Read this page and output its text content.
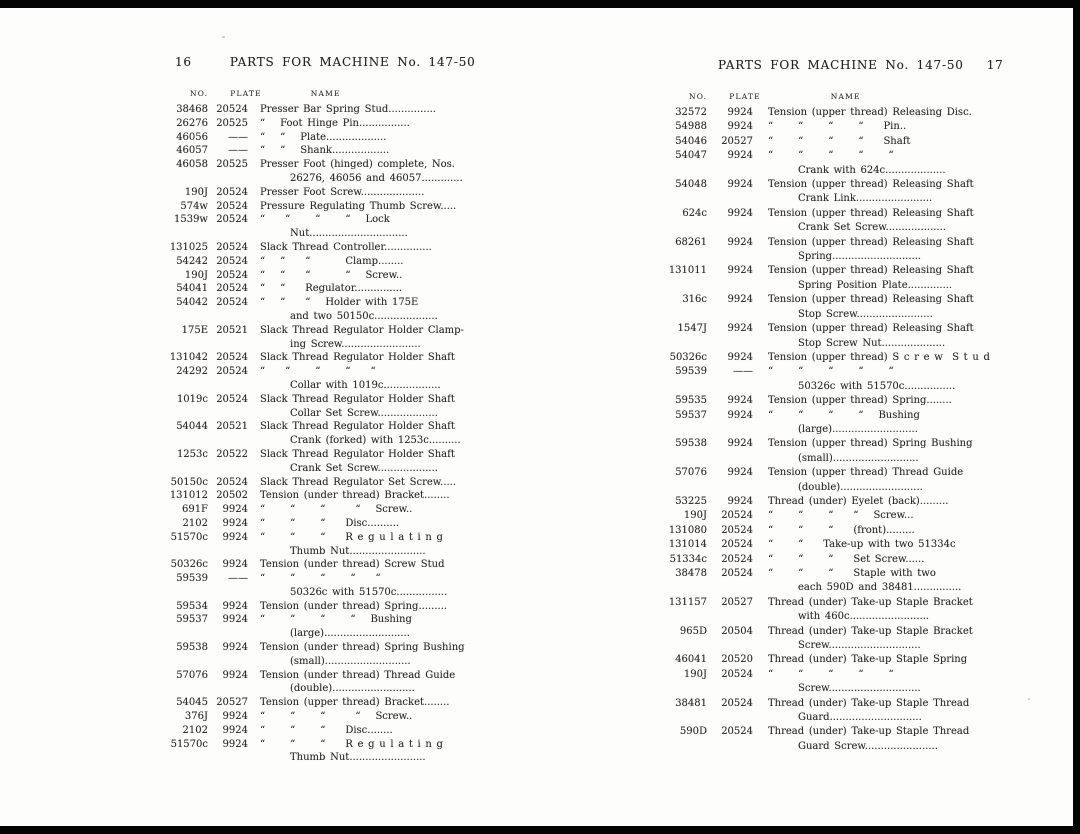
16	PARTS FOR MACHINE No. 147-50
NO.	PLATE	NAME
38468 20524 Presser Bar Spring Stud...............
26276 20525 “  Foot Hinge Pin................
46056	—— “  “  Plate...................
46057	—— “  “  Shank..................
46058 20525 Presser Foot (hinged) complete, Nos.
26276, 46056 and 46057.............
190J 20524 Presser Foot Screw....................
574w 20524 Pressure Regulating Thumb Screw.....
1539w 20524 “  “   “   “  Lock
Nut...............................
131025 20524 Slack Thread Controller...............
54242 20524 “  “  “    Clamp........
190J 20524 “  “  “    “  Screw..
54041 20524 “  “  Regulator...............
54042 20524 “  “  “  Holder with 175E
and two 50150c....................
175E 20521 Slack Thread Regulator Holder Clamp-
ing Screw.........................
131042 20524 Slack Thread Regulator Holder Shaft
24292 20524 “  “   “   “  “
Collar with 1019c..................
1019c 20524 Slack Thread Regulator Holder Shaft
Collar Set Screw...................
54044 20521 Slack Thread Regulator Holder Shaft
Crank (forked) with 1253c..........
1253c 20522 Slack Thread Regulator Holder Shaft
Crank Set Screw...................
50150c 20524 Slack Thread Regulator Set Screw.....
131012 20502 Tension (under thread) Bracket........
691F	9924 “   “   “   “  Screw..
2102	9924 “   “   “  Disc..........
51570c	9924 “   “   “  R e g u l a t i n g
Thumb Nut........................
50326c	9924 Tension (under thread) Screw Stud
59539	—— “   “   “   “  “
50326c with 51570c................
59534	9924 Tension (under thread) Spring.........
59537	9924 “   “   “   “  Bushing
(large)...........................
59538	9924 Tension (under thread) Spring Bushing
(small)...........................
57076	9924 Tension (under thread) Thread Guide
(double)..........................
54045 20527 Tension (upper thread) Bracket........
376J	9924 “   “   “   “  Screw..
2102	9924 “   “   “  Disc........
51570c	9924 “   “   “  R e g u l a t i n g
Thumb Nut........................
PARTS FOR MACHINE No. 147-50 17
NO.	PLATE	NAME
32572	9924 Tension (upper thread) Releasing Disc.
54988	9924 “   “   “   “  Pin..
54046	20527 “   “   “   “  Shaft
54047	9924 “   “   “   “   “
Crank with 624c...................
54048	9924 Tension (upper thread) Releasing Shaft
Crank Link........................
624c	9924 Tension (upper thread) Releasing Shaft
Crank Set Screw...................
68261	9924 Tension (upper thread) Releasing Shaft
Spring............................
131011	9924 Tension (upper thread) Releasing Shaft
Spring Position Plate..............
316c	9924 Tension (upper thread) Releasing Shaft
Stop Screw........................
1547J	9924 Tension (upper thread) Releasing Shaft
Stop Screw Nut....................
50326c	9924 Tension (upper thread) S c r e w  S t u d
59539	—— “   “   “   “   “
50326c with 51570c................
59535	9924 Tension (upper thread) Spring........
59537	9924 “   “   “   “  Bushing
(large)...........................
59538	9924 Tension (upper thread) Spring Bushing
(small)...........................
57076	9924 Tension (upper thread) Thread Guide
(double)..........................
53225	9924 Thread (under) Eyelet (back).........
190J	20524 “   “   “  “  Screw...
131080	20524 “   “   “  (front).........
131014	20524 “   “  Take-up with two 51334c
51334c	20524 “   “   “  Set Screw......
38478	20524 “   “   “  Staple with two
each 590D and 38481...............
131157	20527 Thread (under) Take-up Staple Bracket
with 460c.........................
965D	20504 Thread (under) Take-up Staple Bracket
Screw.............................
46041	20520 Thread (under) Take-up Staple Spring
190J	20524 “   “   “   “   “
Screw.............................
38481	20524 Thread (under) Take-up Staple Thread
Guard.............................
590D	20524 Thread (under) Take-up Staple Thread
Guard Screw.......................
